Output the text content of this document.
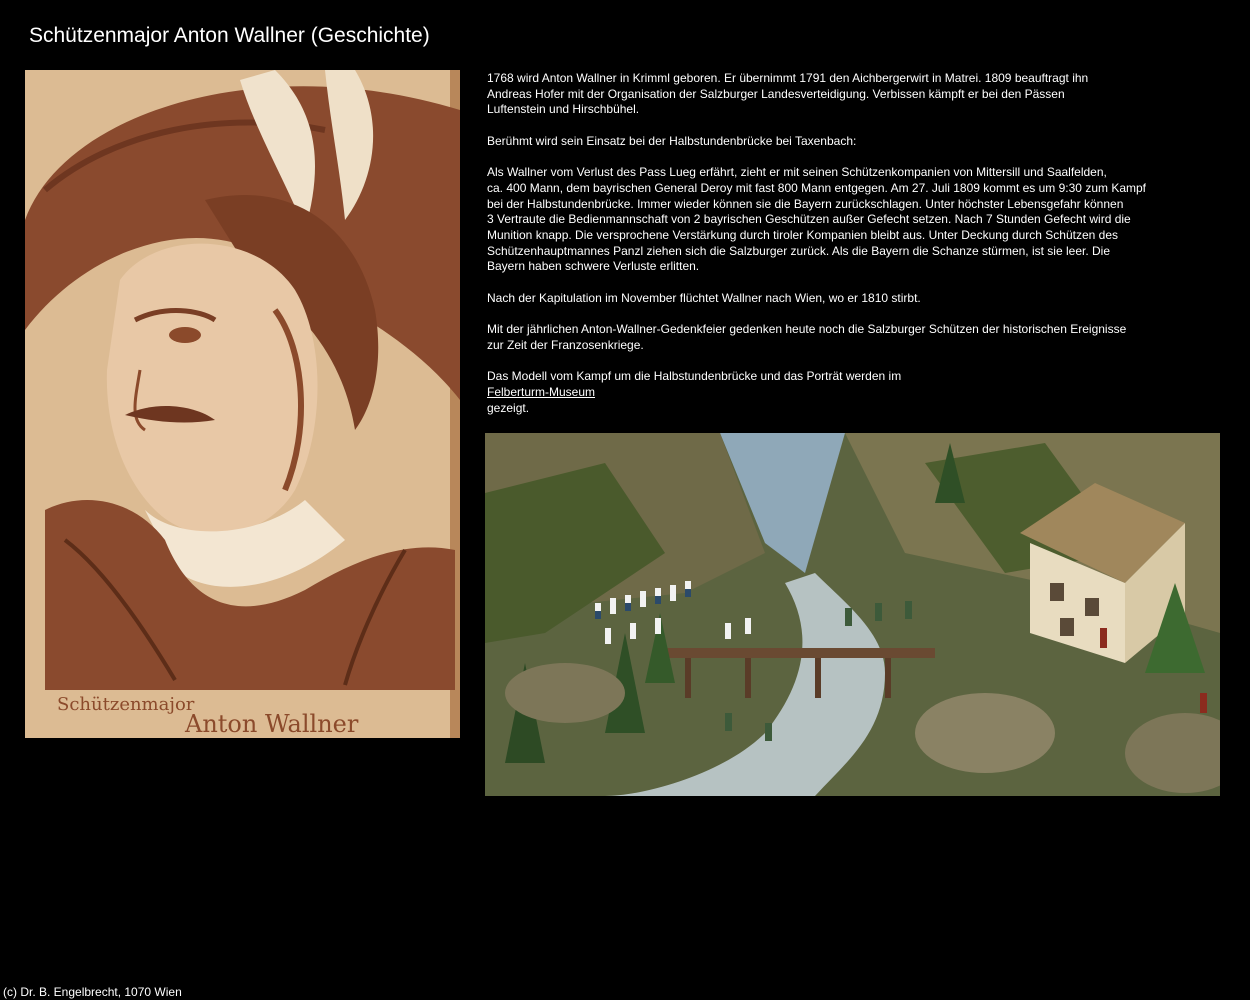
Schützenmajor Anton Wallner (Geschichte)
Schützenmajor
Anton Wallner

1768 wird Anton Wallner in Krimml geboren. Er übernimmt 1791 den Aichbergerwirt in Matrei. 1809 beauftragt ihn
Andreas Hofer mit der Organisation der Salzburger Landesverteidigung. Verbissen kämpft er bei den Pässen
Luftenstein und Hirschbühel.

Berühmt wird sein Einsatz bei der Halbstundenbrücke bei Taxenbach:

Als Wallner vom Verlust des Pass Lueg erfährt, zieht er mit seinen Schützenkompanien von Mittersill und Saalfelden,
ca. 400 Mann, dem bayrischen General Deroy mit fast 800 Mann entgegen. Am 27. Juli 1809 kommt es um 9:30 zum Kampf
bei der Halbstundenbrücke. Immer wieder können sie die Bayern zurückschlagen. Unter höchster Lebensgefahr können
3 Vertraute die Bedienmannschaft von 2 bayrischen Geschützen außer Gefecht setzen. Nach 7 Stunden Gefecht wird die
Munition knapp. Die versprochene Verstärkung durch tiroler Kompanien bleibt aus. Unter Deckung durch Schützen des
Schützenhauptmannes Panzl ziehen sich die Salzburger zurück. Als die Bayern die Schanze stürmen, ist sie leer. Die
Bayern haben schwere Verluste erlitten.

Nach der Kapitulation im November flüchtet Wallner nach Wien, wo er 1810 stirbt.

Mit der jährlichen Anton-Wallner-Gedenkfeier gedenken heute noch die Salzburger Schützen der historischen Ereignisse
zur Zeit der Franzosenkriege.

Das Modell vom Kampf um die Halbstundenbrücke und das Porträt werden im
Felberturm-Museum
gezeigt.
(c) Dr. B. Engelbrecht, 1070 Wien
